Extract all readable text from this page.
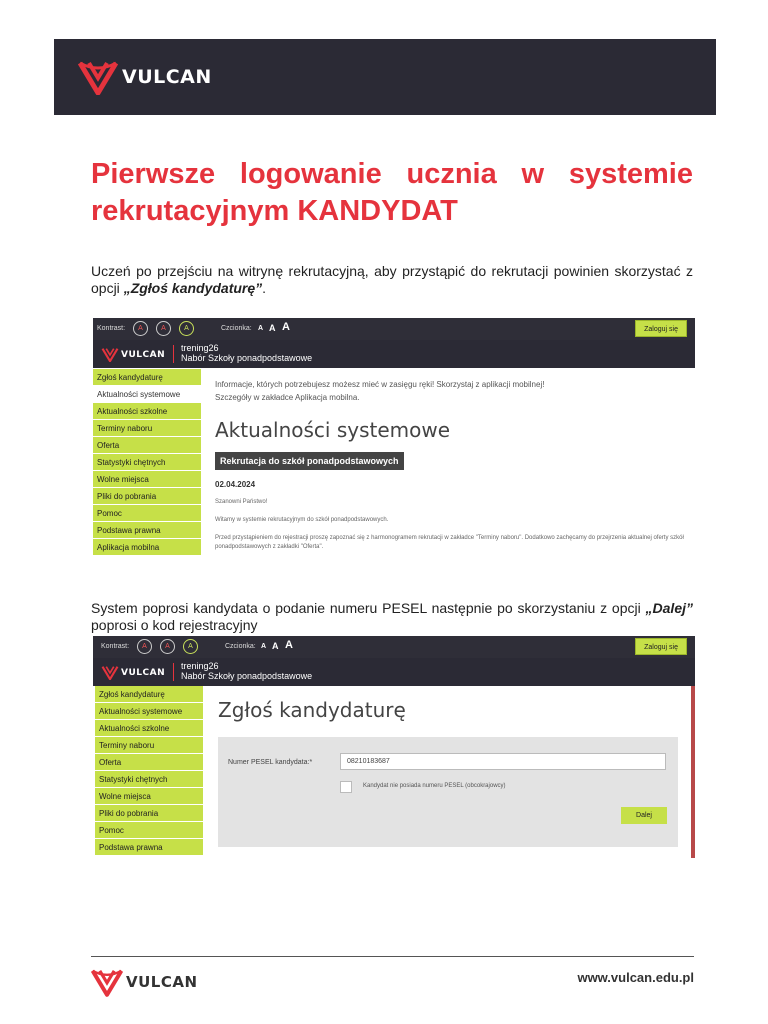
VULCAN
Pierwsze logowanie ucznia w systemie rekrutacyjnym KANDYDAT

Uczeń po przejściu na witrynę rekrutacyjną, aby przystąpić do rekrutacji powinien skorzystać z opcji „Zgłoś kandydaturę”.

Kontrast:	A	A	A	Czcionka: A A A	Zaloguj się
VULCAN
trening26
Nabór Szkoły ponadpodstawowe
Zgłoś kandydaturę
Aktualności systemowe
Aktualności szkolne
Terminy naboru
Oferta
Statystyki chętnych
Wolne miejsca
Pliki do pobrania
Pomoc
Podstawa prawna
Aplikacja mobilna
Informacje, których potrzebujesz możesz mieć w zasięgu ręki! Skorzystaj z aplikacji mobilnej!
Szczegóły w zakładce Aplikacja mobilna.
Aktualności systemowe
Rekrutacja do szkół ponadpodstawowych
02.04.2024
Szanowni Państwo!
Witamy w systemie rekrutacyjnym do szkół ponadpodstawowych.
Przed przystąpieniem do rejestracji proszę zapoznać się z harmonogramem rekrutacji w zakładce "Terminy naboru". Dodatkowo zachęcamy do przejrzenia aktualnej oferty szkół ponadpodstawowych z zakładki "Oferta".

System poprosi kandydata o podanie numeru PESEL następnie po skorzystaniu z opcji „Dalej” poprosi o kod rejestracyjny

Kontrast:	A	A	A	Czcionka: A A A	Zaloguj się
VULCAN
trening26
Nabór Szkoły ponadpodstawowe
Zgłoś kandydaturę
Aktualności systemowe
Aktualności szkolne
Terminy naboru
Oferta
Statystyki chętnych
Wolne miejsca
Pliki do pobrania
Pomoc
Podstawa prawna
Zgłoś kandydaturę
Numer PESEL kandydata:*	08210183687
Kandydat nie posiada numeru PESEL (obcokrajowcy)
Dalej
VULCAN	www.vulcan.edu.pl
